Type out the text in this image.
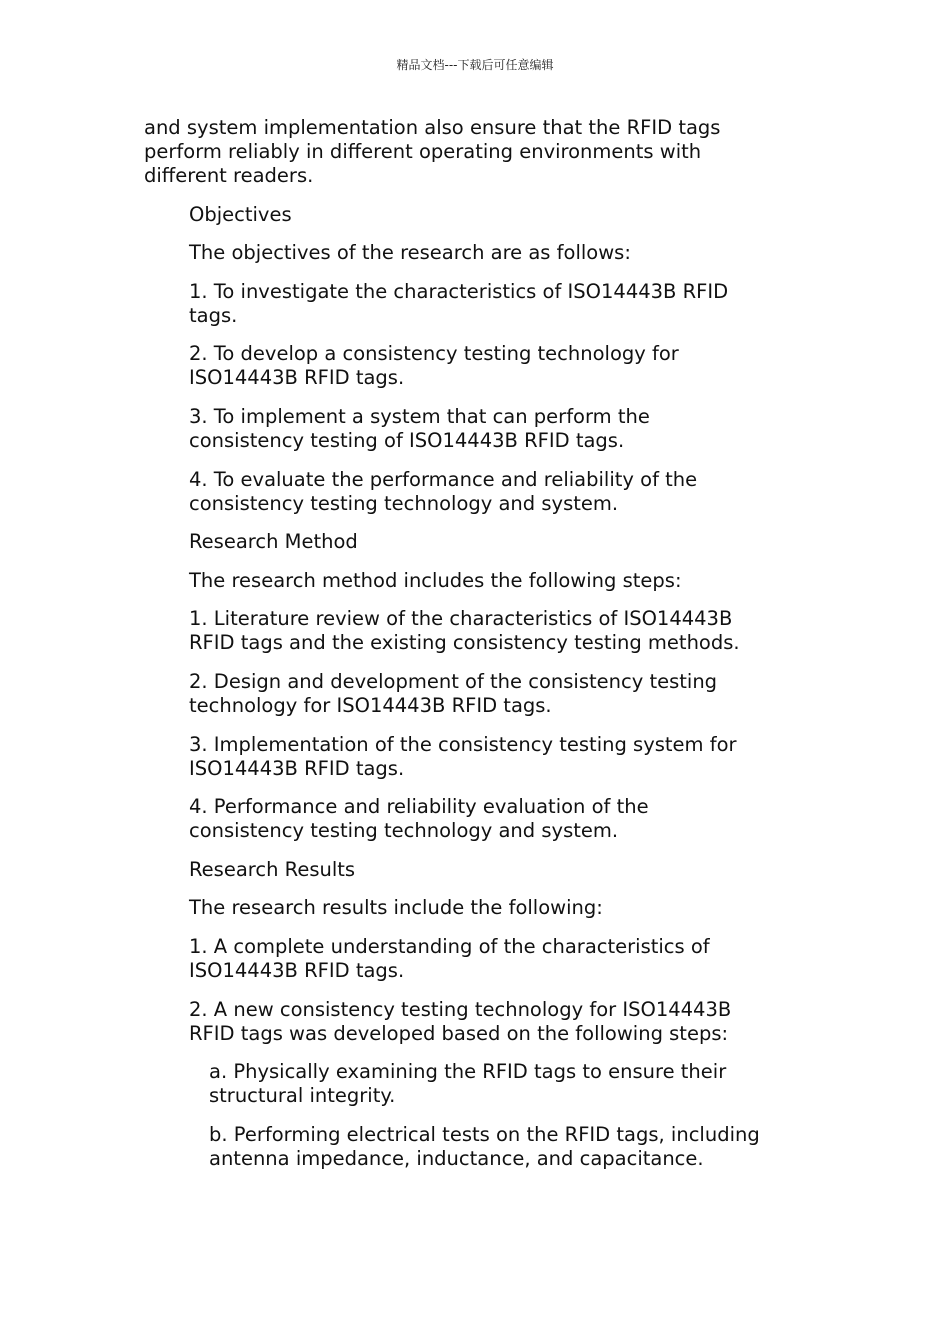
精品文档---下载后可任意编辑
and system implementation also ensure that the RFID tags
perform reliably in different operating environments with
different readers.
Objectives
The objectives of the research are as follows:
1. To investigate the characteristics of ISO14443B RFID
tags.
2. To develop a consistency testing technology for
ISO14443B RFID tags.
3. To implement a system that can perform the
consistency testing of ISO14443B RFID tags.
4. To evaluate the performance and reliability of the
consistency testing technology and system.
Research Method
The research method includes the following steps:
1. Literature review of the characteristics of ISO14443B
RFID tags and the existing consistency testing methods.
2. Design and development of the consistency testing
technology for ISO14443B RFID tags.
3. Implementation of the consistency testing system for
ISO14443B RFID tags.
4. Performance and reliability evaluation of the
consistency testing technology and system.
Research Results
The research results include the following:
1. A complete understanding of the characteristics of
ISO14443B RFID tags.
2. A new consistency testing technology for ISO14443B
RFID tags was developed based on the following steps:
a. Physically examining the RFID tags to ensure their
structural integrity.
b. Performing electrical tests on the RFID tags, including
antenna impedance, inductance, and capacitance.
